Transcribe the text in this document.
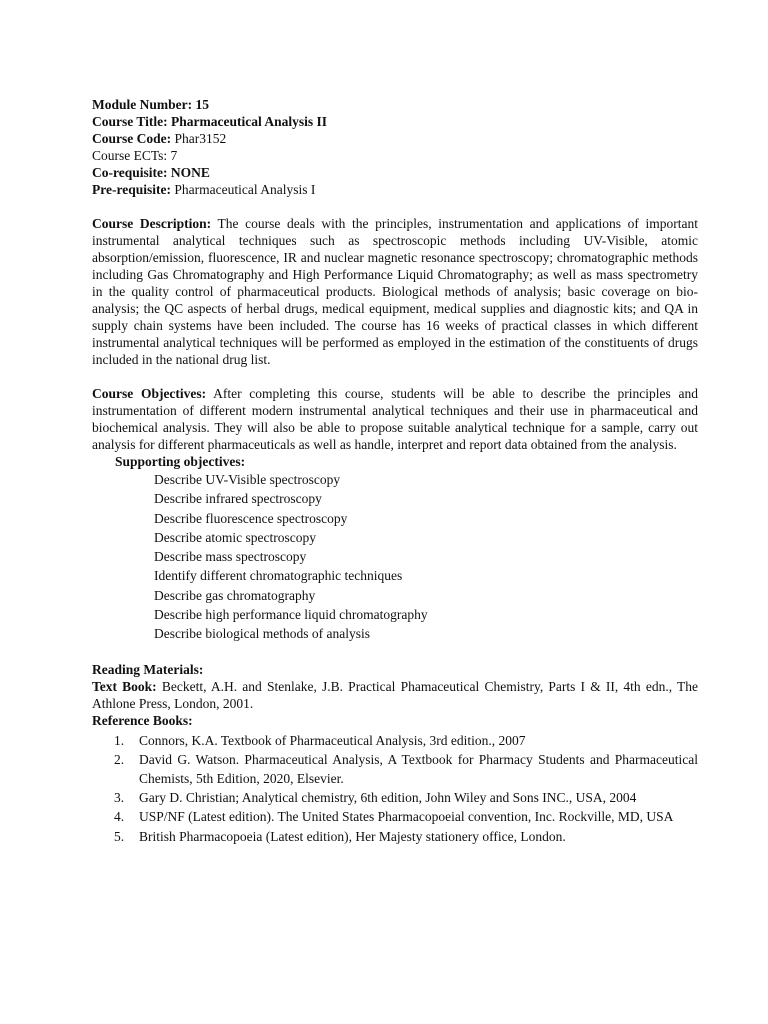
Module Number: 15
Course Title: Pharmaceutical Analysis II
Course Code: Phar3152
Course ECTs: 7
Co-requisite: NONE
Pre-requisite: Pharmaceutical Analysis I

Course Description: The course deals with the principles, instrumentation and applications of important instrumental analytical techniques such as spectroscopic methods including UV-Visible, atomic absorption/emission, fluorescence, IR and nuclear magnetic resonance spectroscopy; chromatographic methods including Gas Chromatography and High Performance Liquid Chromatography; as well as mass spectrometry in the quality control of pharmaceutical products. Biological methods of analysis; basic coverage on bio-analysis; the QC aspects of herbal drugs, medical equipment, medical supplies and diagnostic kits; and QA in supply chain systems have been included. The course has 16 weeks of practical classes in which different instrumental analytical techniques will be performed as employed in the estimation of the constituents of drugs included in the national drug list.

Course Objectives: After completing this course, students will be able to describe the principles and instrumentation of different modern instrumental analytical techniques and their use in pharmaceutical and biochemical analysis. They will also be able to propose suitable analytical technique for a sample, carry out analysis for different pharmaceuticals as well as handle, interpret and report data obtained from the analysis.

Supporting objectives:
Describe UV-Visible spectroscopy
Describe infrared spectroscopy
Describe fluorescence spectroscopy
Describe atomic spectroscopy
Describe mass spectroscopy
Identify different chromatographic techniques
Describe gas chromatography
Describe high performance liquid chromatography
Describe biological methods of analysis
Reading Materials:

Text Book: Beckett, A.H. and Stenlake, J.B. Practical Phamaceutical Chemistry, Parts I & II, 4th edn., The Athlone Press, London, 2001.

Reference Books:
1. Connors, K.A. Textbook of Pharmaceutical Analysis, 3rd edition., 2007
2. David G. Watson. Pharmaceutical Analysis, A Textbook for Pharmacy Students and Pharmaceutical Chemists, 5th Edition, 2020, Elsevier.
3. Gary D. Christian; Analytical chemistry, 6th edition, John Wiley and Sons INC., USA, 2004
4. USP/NF (Latest edition). The United States Pharmacopoeial convention, Inc. Rockville, MD, USA
5. British Pharmacopoeia (Latest edition), Her Majesty stationery office, London.
